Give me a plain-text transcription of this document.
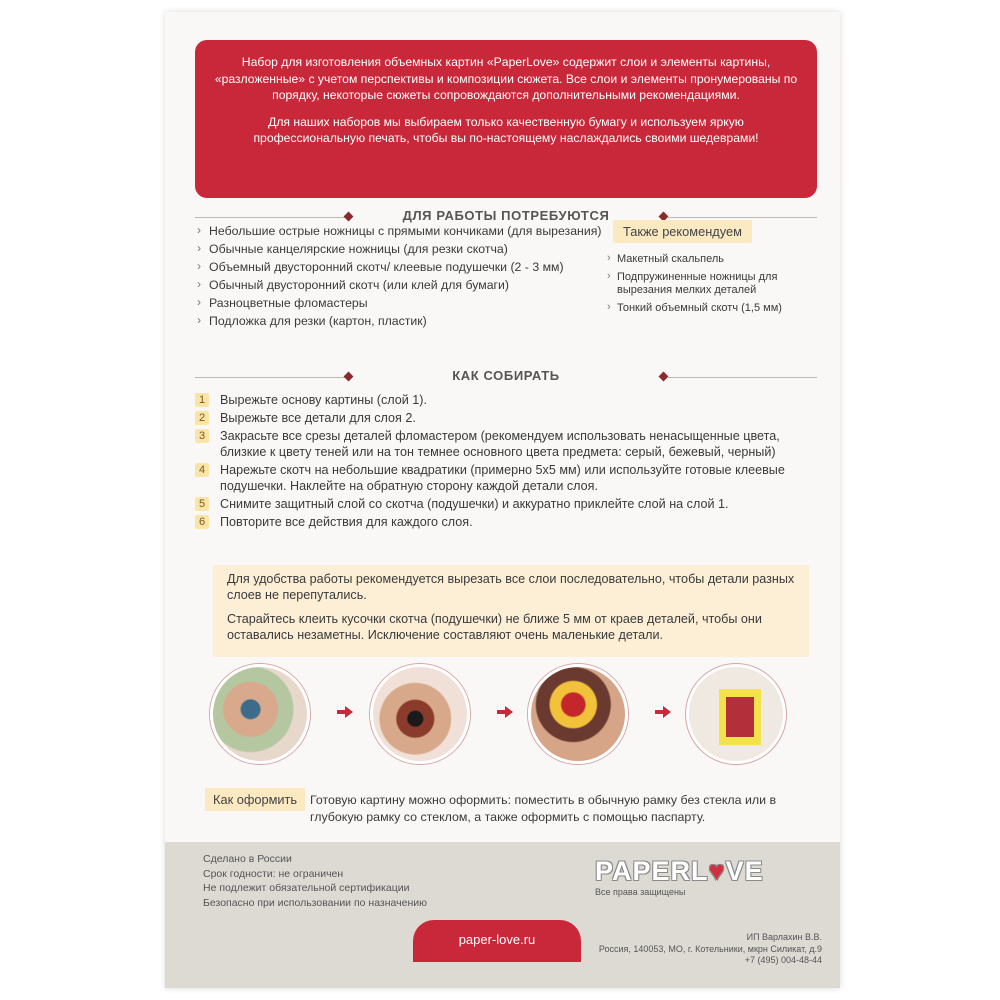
Набор для изготовления объемных картин «PaperLove» содержит слои и элементы картины, «разложенные» с учетом перспективы и композиции сюжета. Все слои и элементы пронумерованы по порядку, некоторые сюжеты сопровождаются дополнительными рекомендациями.

Для наших наборов мы выбираем только качественную бумагу и используем яркую профессиональную печать, чтобы вы по-настоящему наслаждались своими шедеврами!

ДЛЯ РАБОТЫ ПОТРЕБУЮТСЯ
› Небольшие острые ножницы с прямыми кончиками (для вырезания)
› Обычные канцелярские ножницы (для резки скотча)
› Объемный двусторонний скотч/ клеевые подушечки (2 - 3 мм)
› Обычный двусторонний скотч (или клей для бумаги)
› Разноцветные фломастеры
› Подложка для резки (картон, пластик)
Также рекомендуем
› Макетный скальпель
› Подпружиненные ножницы для вырезания мелких деталей
› Тонкий объемный скотч (1,5 мм)
КАК СОБИРАТЬ
1	Вырежьте основу картины (слой 1).
2	Вырежьте все детали для слоя 2.
3	Закрасьте все срезы деталей фломастером (рекомендуем использовать ненасыщенные цвета, близкие к цвету теней или на тон темнее основного цвета предмета: серый, бежевый, черный)
4	Нарежьте скотч на небольшие квадратики (примерно 5х5 мм) или используйте готовые клеевые подушечки. Наклейте на обратную сторону каждой детали слоя.
5	Снимите защитный слой со скотча (подушечки) и аккуратно приклейте слой на слой 1.
6	Повторите все действия для каждого слоя.

Для удобства работы рекомендуется вырезать все слои последовательно, чтобы детали разных слоев не перепутались.

Старайтесь клеить кусочки скотча (подушечки) не ближе 5 мм от краев деталей, чтобы они оставались незаметны. Исключение составляют очень маленькие детали.

Как оформить	Готовую картину можно оформить: поместить в обычную рамку без стекла или в глубокую рамку со стеклом, а также оформить с помощью паспарту.
Сделано в России
Срок годности: не ограничен
Не подлежит обязательной сертификации
Безопасно при использовании по назначению
paper-love.ru
PAPERL♥VE
Все права защищены
ИП Варлахин В.В.
Россия, 140053, МО, г. Котельники, мкрн Силикат, д.9
+7 (495) 004-48-44
